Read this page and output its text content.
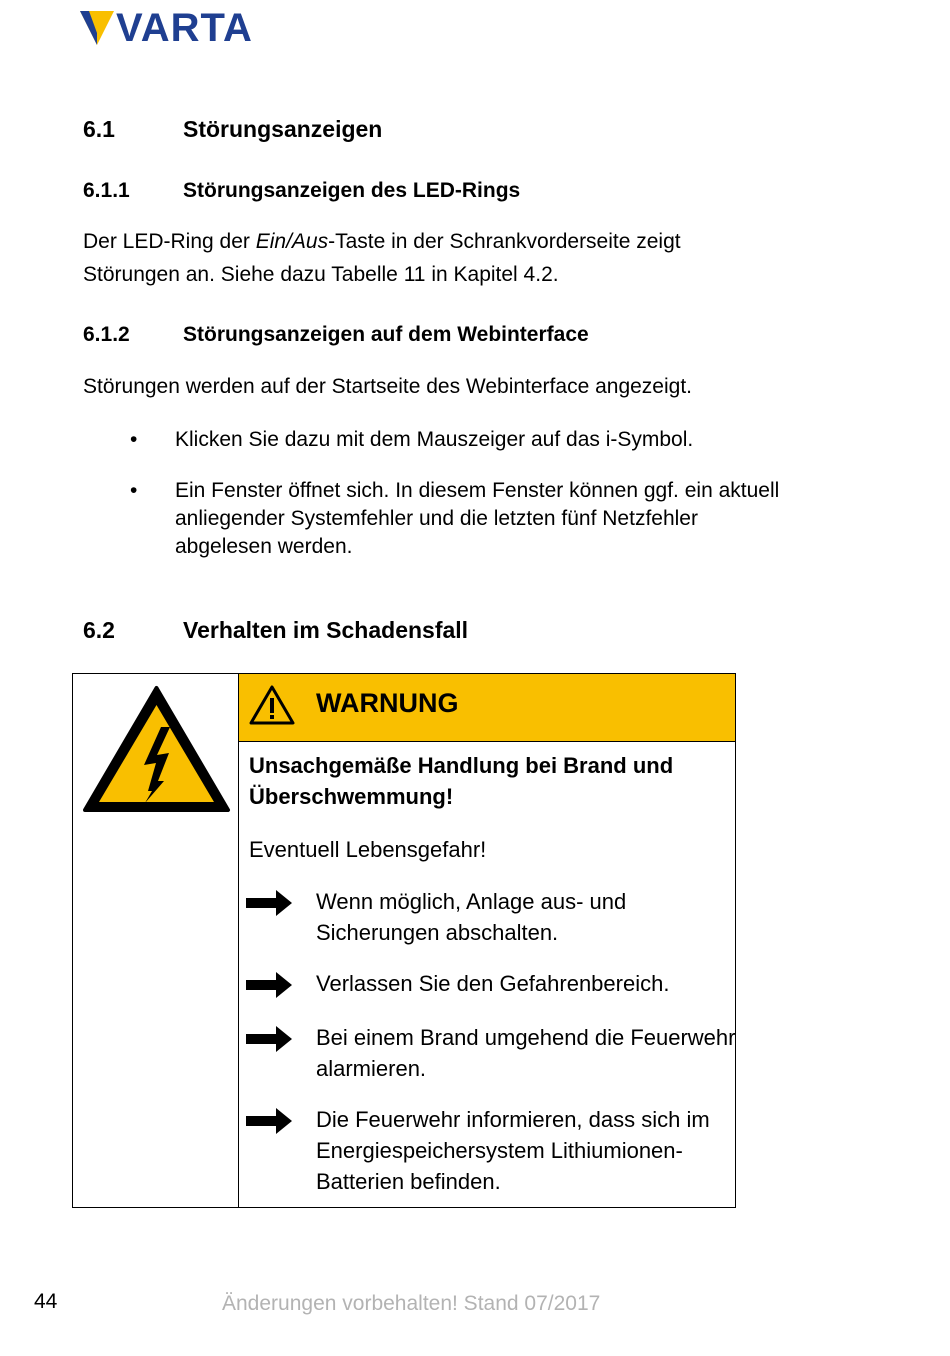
VARTA
6.1	Störungsanzeigen
6.1.1	Störungsanzeigen des LED-Rings
Der LED-Ring der Ein/Aus-Taste in der Schrankvorderseite zeigt
Störungen an. Siehe dazu Tabelle 11 in Kapitel 4.2.
6.1.2	Störungsanzeigen auf dem Webinterface
Störungen werden auf der Startseite des Webinterface angezeigt.
• Klicken Sie dazu mit dem Mauszeiger auf das i-Symbol.
• Ein Fenster öffnet sich. In diesem Fenster können ggf. ein aktuell anliegender Systemfehler und die letzten fünf Netzfehler abgelesen werden.
6.2	Verhalten im Schadensfall
WARNUNG
Unsachgemäße Handlung bei Brand und Überschwemmung!
Eventuell Lebensgefahr!
Wenn möglich, Anlage aus- und Sicherungen abschalten.
Verlassen Sie den Gefahrenbereich.
Bei einem Brand umgehend die Feuerwehr alarmieren.
Die Feuerwehr informieren, dass sich im Energiespeichersystem Lithiumionen-Batterien befinden.
44	Änderungen vorbehalten! Stand 07/2017
